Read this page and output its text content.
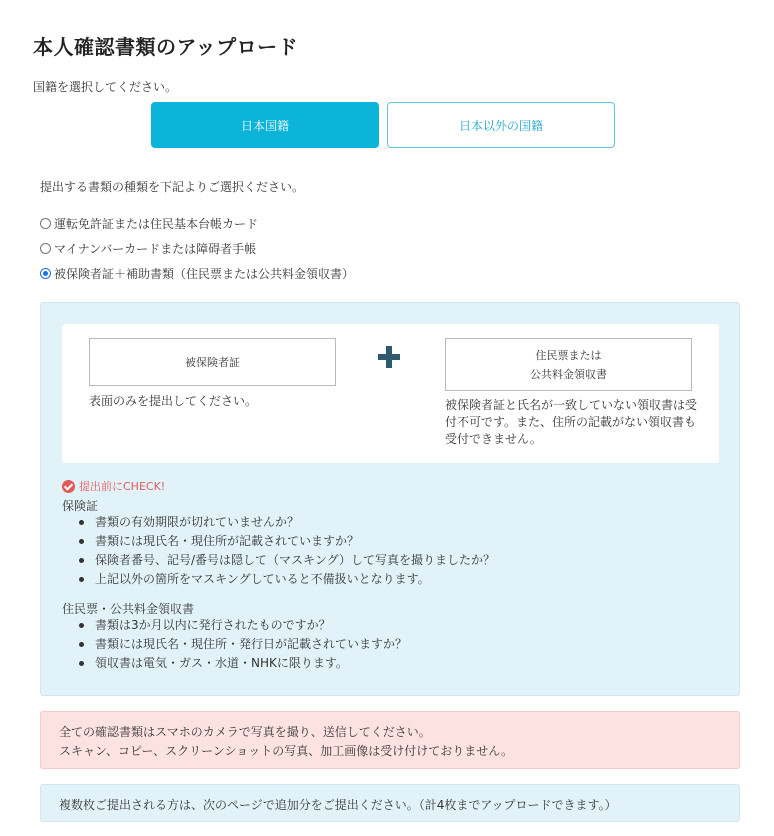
本人確認書類のアップロード
国籍を選択してください。
日本国籍	日本以外の国籍
提出する書類の種類を下記よりご選択ください。
運転免許証または住民基本台帳カード
マイナンバーカードまたは障碍者手帳
被保険者証＋補助書類（住民票または公共料金領収書）
被保険者証
住民票または
公共料金領収書
表面のみを提出してください。	被保険者証と氏名が一致していない領収書は受付不可です。また、住所の記載がない領収書も受付できません。
提出前にCHECK!
保険証
書類の有効期限が切れていませんか？
書類には現氏名・現住所が記載されていますか？
保険者番号、記号/番号は隠して（マスキング）して写真を撮りましたか？
上記以外の箇所をマスキングしていると不備扱いとなります。
住民票・公共料金領収書
書類は3か月以内に発行されたものですか？
書類には現氏名・現住所・発行日が記載されていますか？
領収書は電気・ガス・水道・NHKに限ります。
全ての確認書類はスマホのカメラで写真を撮り、送信してください。
スキャン、コピー、スクリーンショットの写真、加工画像は受け付けておりません。
複数枚ご提出される方は、次のページで追加分をご提出ください。（計4枚までアップロードできます。）
